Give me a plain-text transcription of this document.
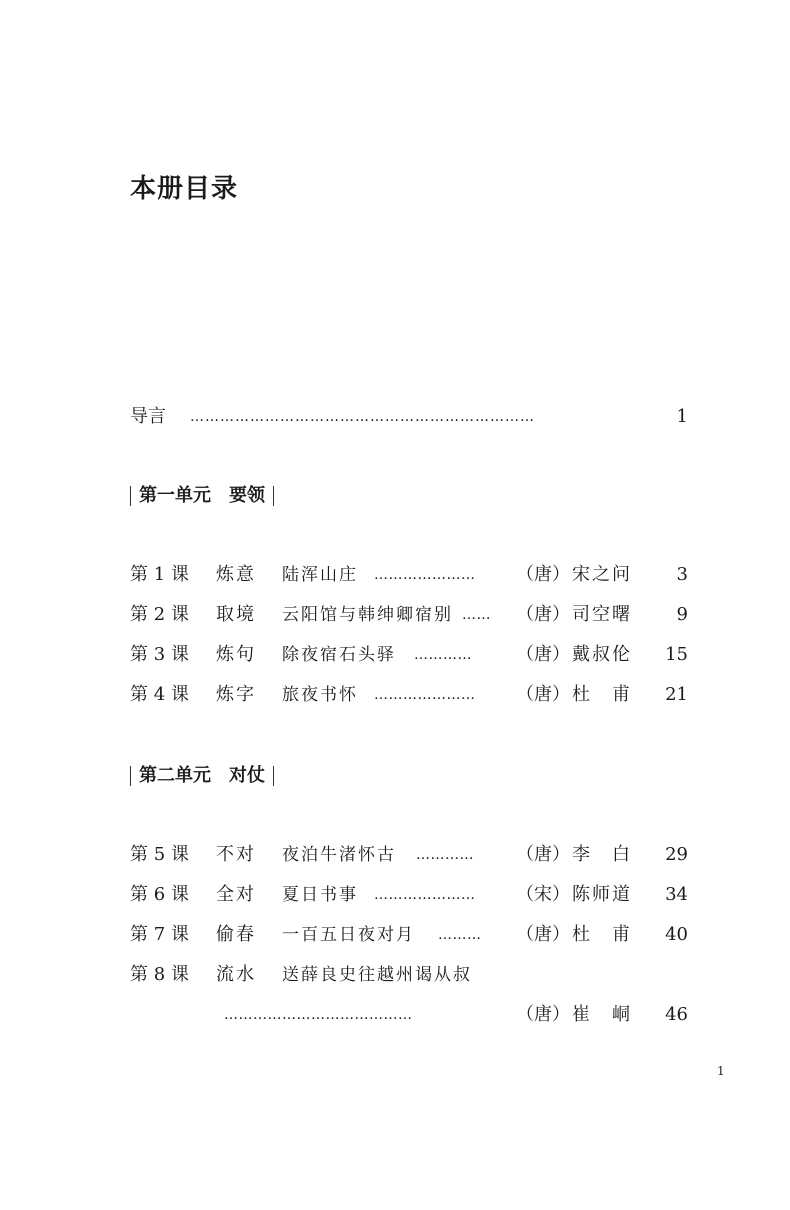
本册目录
导言 ……………………………………………………………	1
第一单元 要领
第 1 课 炼意 陆浑山庄 …………………	（唐） 宋之问 3
第 2 课 取境 云阳馆与韩绅卿宿别 ……	（唐） 司空曙 9
第 3 课 炼句 除夜宿石头驿 …………	（唐） 戴叔伦 15
第 4 课 炼字 旅夜书怀 …………………	（唐） 杜　甫 21
第二单元 对仗
第 5 课 不对 夜泊牛渚怀古 …………	（唐） 李　白 29
第 6 课 全对 夏日书事 …………………	（宋） 陈师道 34
第 7 课 偷春 一百五日夜对月 ………	（唐） 杜　甫 40
第 8 课 流水 送薛良史往越州谒从叔
…………………………………	（唐） 崔　峒 46
1
